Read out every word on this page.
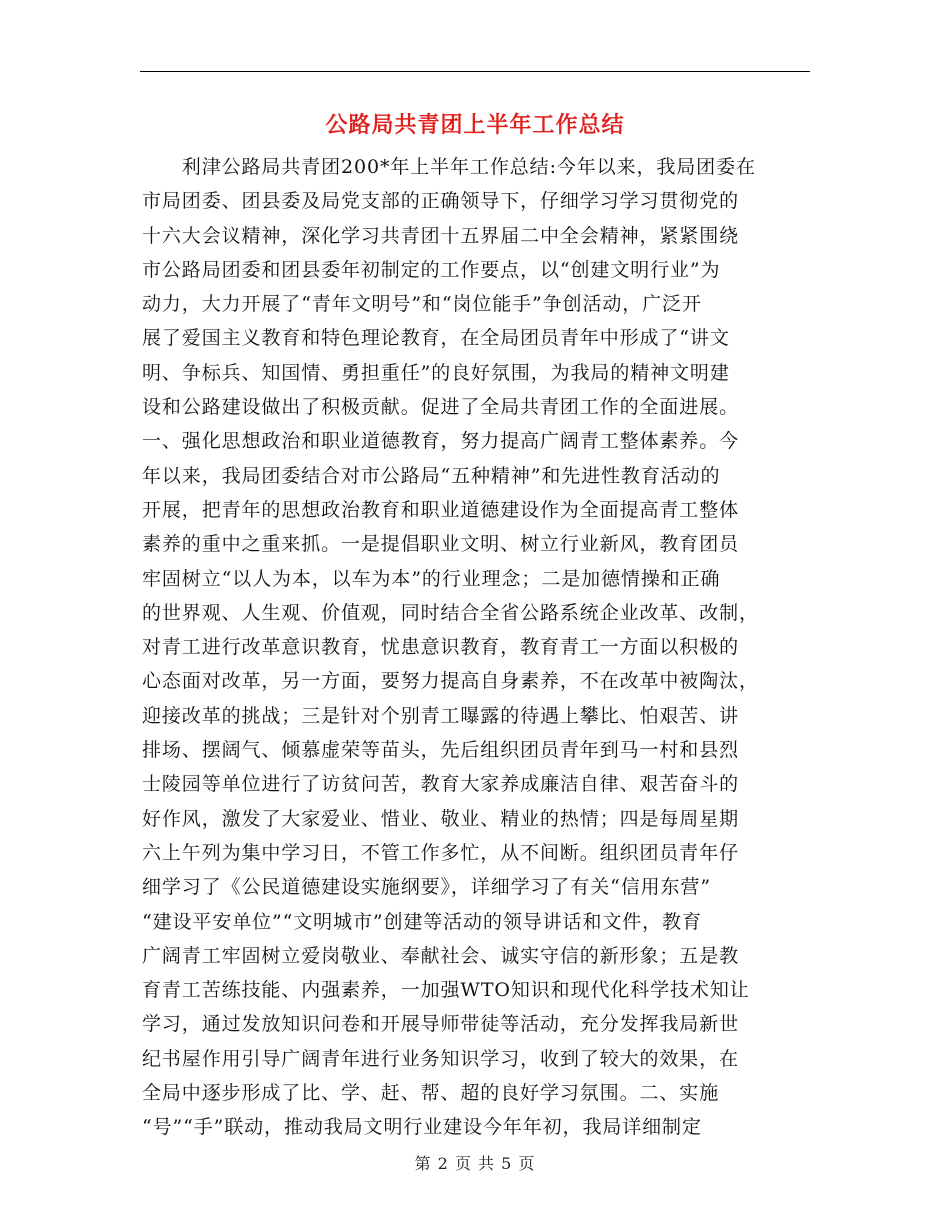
公路局共青团上半年工作总结
　　利津公路局共青团200*年上半年工作总结:今年以来，我局团委在
市局团委、团县委及局党支部的正确领导下，仔细学习学习贯彻党的
十六大会议精神，深化学习共青团十五界届二中全会精神，紧紧围绕
市公路局团委和团县委年初制定的工作要点，以“创建文明行业”为
动力，大力开展了“青年文明号”和“岗位能手”争创活动，广泛开
展了爱国主义教育和特色理论教育，在全局团员青年中形成了“讲文
明、争标兵、知国情、勇担重任”的良好氛围，为我局的精神文明建
设和公路建设做出了积极贡献。促进了全局共青团工作的全面进展。
一、强化思想政治和职业道德教育，努力提高广阔青工整体素养。今
年以来，我局团委结合对市公路局“五种精神”和先进性教育活动的
开展，把青年的思想政治教育和职业道德建设作为全面提高青工整体
素养的重中之重来抓。一是提倡职业文明、树立行业新风，教育团员
牢固树立“以人为本，以车为本”的行业理念；二是加德情操和正确
的世界观、人生观、价值观，同时结合全省公路系统企业改革、改制，
对青工进行改革意识教育，忧患意识教育，教育青工一方面以积极的
心态面对改革，另一方面，要努力提高自身素养，不在改革中被陶汰，
迎接改革的挑战；三是针对个别青工曝露的待遇上攀比、怕艰苦、讲
排场、摆阔气、倾慕虚荣等苗头，先后组织团员青年到马一村和县烈
士陵园等单位进行了访贫问苦，教育大家养成廉洁自律、艰苦奋斗的
好作风，激发了大家爱业、惜业、敬业、精业的热情；四是每周星期
六上午列为集中学习日，不管工作多忙，从不间断。组织团员青年仔
细学习了《公民道德建设实施纲要》，详细学习了有关“信用东营”
“建设平安单位”“文明城市”创建等活动的领导讲话和文件，教育
广阔青工牢固树立爱岗敬业、奉献社会、诚实守信的新形象；五是教
育青工苦练技能、内强素养，一加强WTO知识和现代化科学技术知让
学习，通过发放知识问卷和开展导师带徒等活动，充分发挥我局新世
纪书屋作用引导广阔青年进行业务知识学习，收到了较大的效果，在
全局中逐步形成了比、学、赶、帮、超的良好学习氛围。二、实施
“号”“手”联动，推动我局文明行业建设今年年初，我局详细制定
第 2 页 共 5 页
